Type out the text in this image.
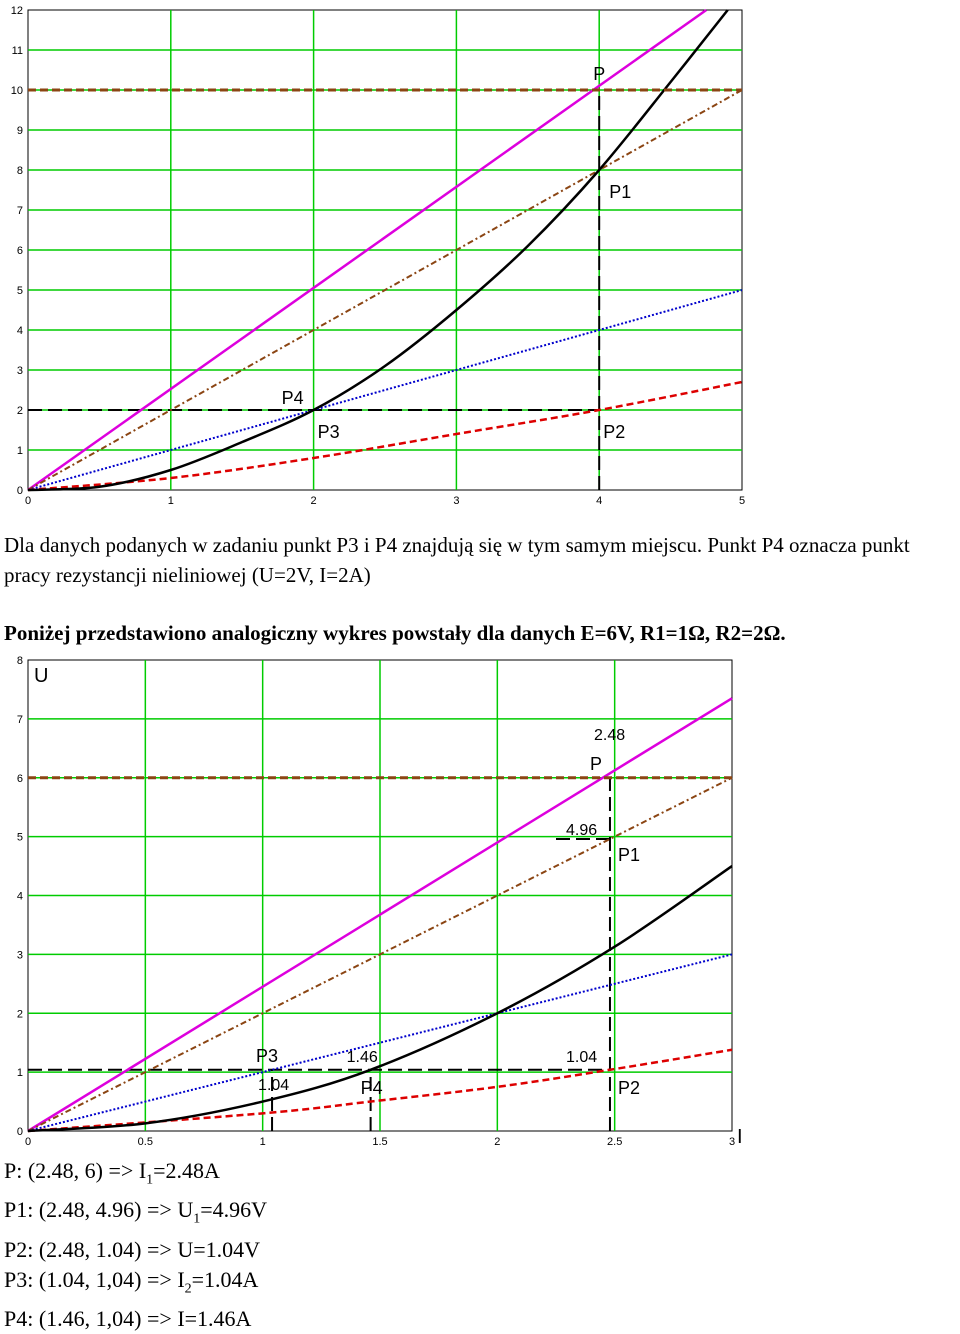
0	1	2	3	4	5
0
1
2
3
4
5
6
7
8
9
10
11
12
P
P1
P2
P3
P4
Dla danych podanych w zadaniu punkt P3 i P4 znajdują się w tym samym miejscu. Punkt P4 oznacza punkt pracy rezystancji nieliniowej (U=2V, I=2A)
Poniżej przedstawiono analogiczny wykres powstały dla danych E=6V, R1=1Ω, R2=2Ω.
0	0.5	1	1.5	2	2.5	3
0
1
2
3
4
5
6
7
8
P
P1
P2
P3
P4
2.48
4.96
1.04
1.46
1.04
U
I
P: (2.48, $6) => I_1=2.48A$
P1: (2.48, $4.96) => U_1=4.96V$
P2: (2.48, 1.04) => U=1.04V
P3: (1.04, $1,04) => I_2=1.04A$
P4: (1.46, 1,04) => I=1.46A
